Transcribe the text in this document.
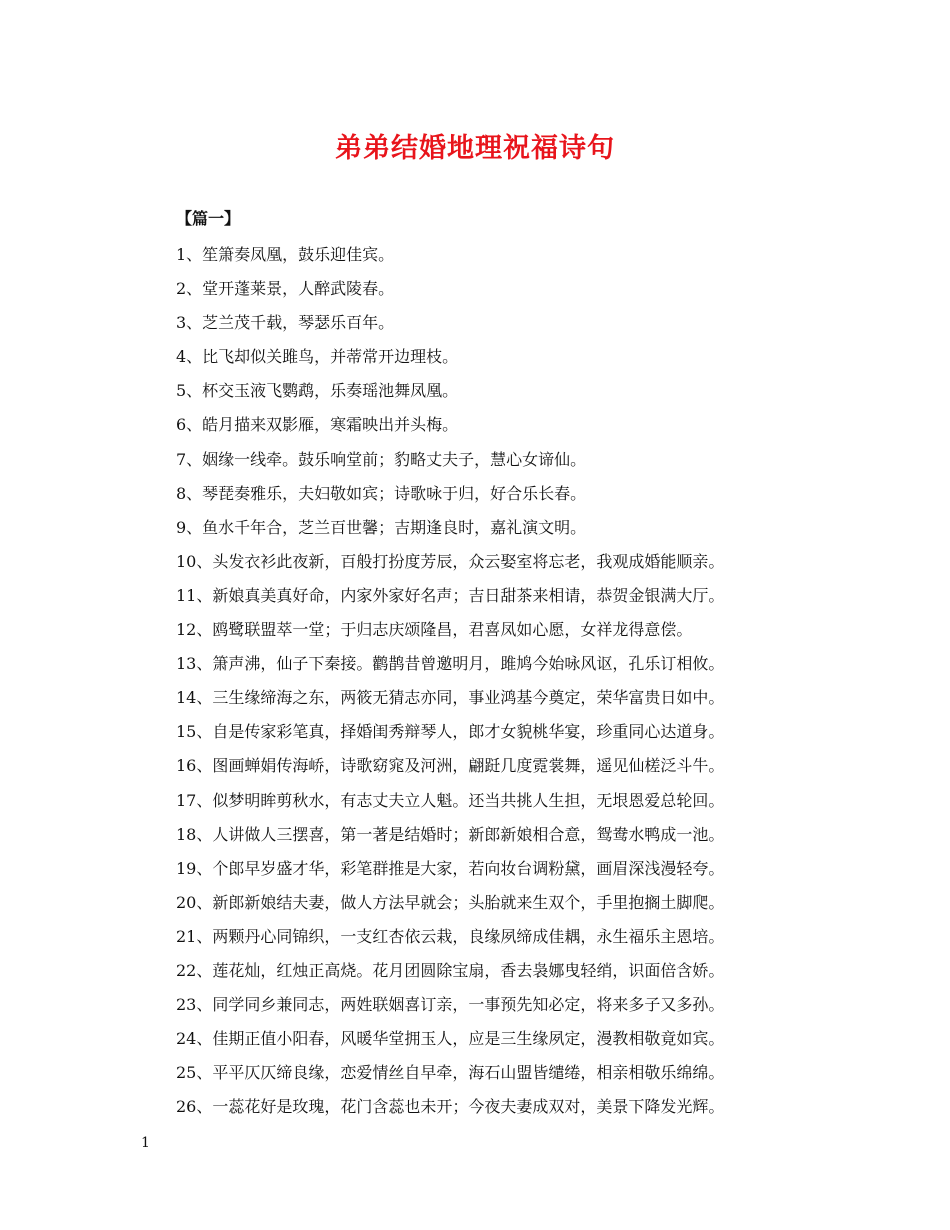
弟弟结婚地理祝福诗句
【篇一】
1、笙箫奏凤凰，鼓乐迎佳宾。
2、堂开蓬莱景，人醉武陵春。
3、芝兰茂千载，琴瑟乐百年。
4、比飞却似关雎鸟，并蒂常开边理枝。
5、杯交玉液飞鹦鹉，乐奏瑶池舞凤凰。
6、皓月描来双影雁，寒霜映出并头梅。
7、姻缘一线牵。鼓乐响堂前；豹略丈夫子，慧心女谛仙。
8、琴琵奏雅乐，夫妇敬如宾；诗歌咏于归，好合乐长春。
9、鱼水千年合，芝兰百世馨；吉期逢良时，嘉礼演文明。
10、头发衣衫此夜新，百般打扮度芳辰，众云娶室将忘老，我观成婚能顺亲。
11、新娘真美真好命，内家外家好名声；吉日甜茶来相请，恭贺金银满大厅。
12、鸥鹭联盟萃一堂；于归志庆颂隆昌，君喜凤如心愿，女祥龙得意偿。
13、箫声沸，仙子下秦接。鹳鹊昔曾邀明月，雎鸠今始咏风讴，孔乐订相攸。
14、三生缘缔海之东，两筱无猜志亦同，事业鸿基今奠定，荣华富贵日如中。
15、自是传家彩笔真，择婚闺秀辩琴人，郎才女貌桃华宴，珍重同心达道身。
16、图画蝉娟传海峤，诗歌窈窕及河洲，翩跹几度霓裳舞，遥见仙槎泛斗牛。
17、似梦明眸剪秋水，有志丈夫立人魁。还当共挑人生担，无垠恩爱总轮回。
18、人讲做人三摆喜，第一著是结婚时；新郎新娘相合意，鸳鸯水鸭成一池。
19、个郎早岁盛才华，彩笔群推是大家，若向妆台调粉黛，画眉深浅漫轻夸。
20、新郎新娘结夫妻，做人方法早就会；头胎就来生双个，手里抱搁土脚爬。
21、两颗丹心同锦织，一支红杏依云栽，良缘夙缔成佳耦，永生福乐主恩培。
22、莲花灿，红烛正高烧。花月团圆除宝扇，香去袅娜曳轻绡，识面倍含娇。
23、同学同乡兼同志，两姓联姻喜订亲，一事预先知必定，将来多子又多孙。
24、佳期正值小阳春，风暖华堂拥玉人，应是三生缘夙定，漫教相敬竟如宾。
25、平平仄仄缔良缘，恋爱情丝自早牵，海石山盟皆缱绻，相亲相敬乐绵绵。
26、一蕊花好是玫瑰，花门含蕊也未开；今夜夫妻成双对，美景下降发光辉。
1
